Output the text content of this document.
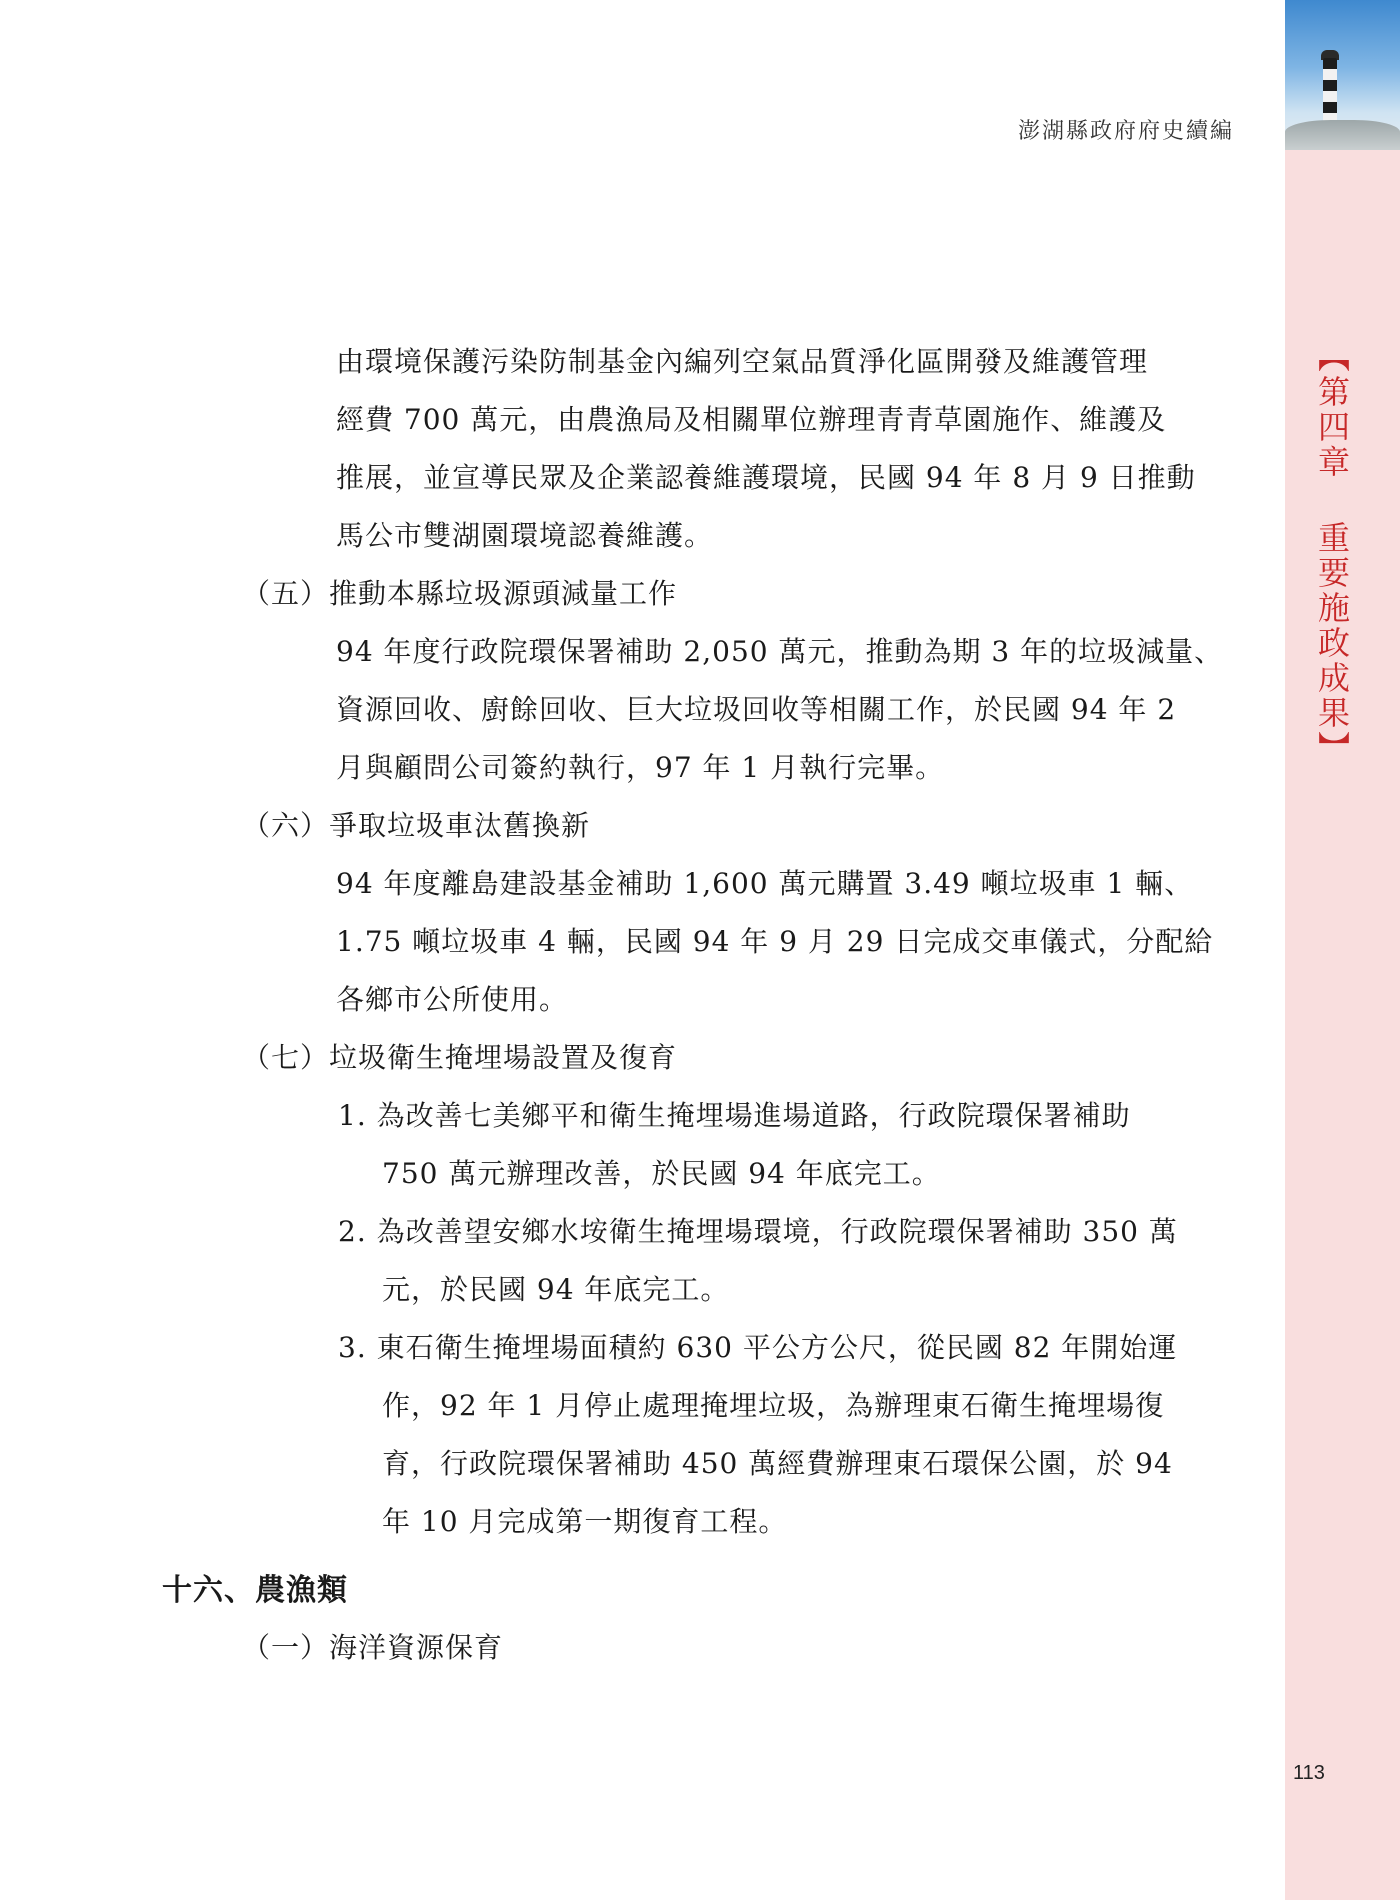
澎湖縣政府府史續編
【第四章 重要施政成果】
由環境保護污染防制基金內編列空氣品質淨化區開發及維護管理
經費 700 萬元，由農漁局及相關單位辦理青青草園施作、維護及
推展，並宣導民眾及企業認養維護環境，民國 94 年 8 月 9 日推動
馬公市雙湖園環境認養維護。
（五）推動本縣垃圾源頭減量工作
94 年度行政院環保署補助 2,050 萬元，推動為期 3 年的垃圾減量、
資源回收、廚餘回收、巨大垃圾回收等相關工作，於民國 94 年 2
月與顧問公司簽約執行，97 年 1 月執行完畢。
（六）爭取垃圾車汰舊換新
94 年度離島建設基金補助 1,600 萬元購置 3.49 噸垃圾車 1 輛、
1.75 噸垃圾車 4 輛，民國 94 年 9 月 29 日完成交車儀式，分配給
各鄉市公所使用。
（七）垃圾衛生掩埋場設置及復育
1. 為改善七美鄉平和衛生掩埋場進場道路，行政院環保署補助
750 萬元辦理改善，於民國 94 年底完工。
2. 為改善望安鄉水垵衛生掩埋場環境，行政院環保署補助 350 萬
元，於民國 94 年底完工。
3. 東石衛生掩埋場面積約 630 平公方公尺，從民國 82 年開始運
作，92 年 1 月停止處理掩埋垃圾，為辦理東石衛生掩埋場復
育，行政院環保署補助 450 萬經費辦理東石環保公園，於 94
年 10 月完成第一期復育工程。
十六、農漁類
（一）海洋資源保育
113
